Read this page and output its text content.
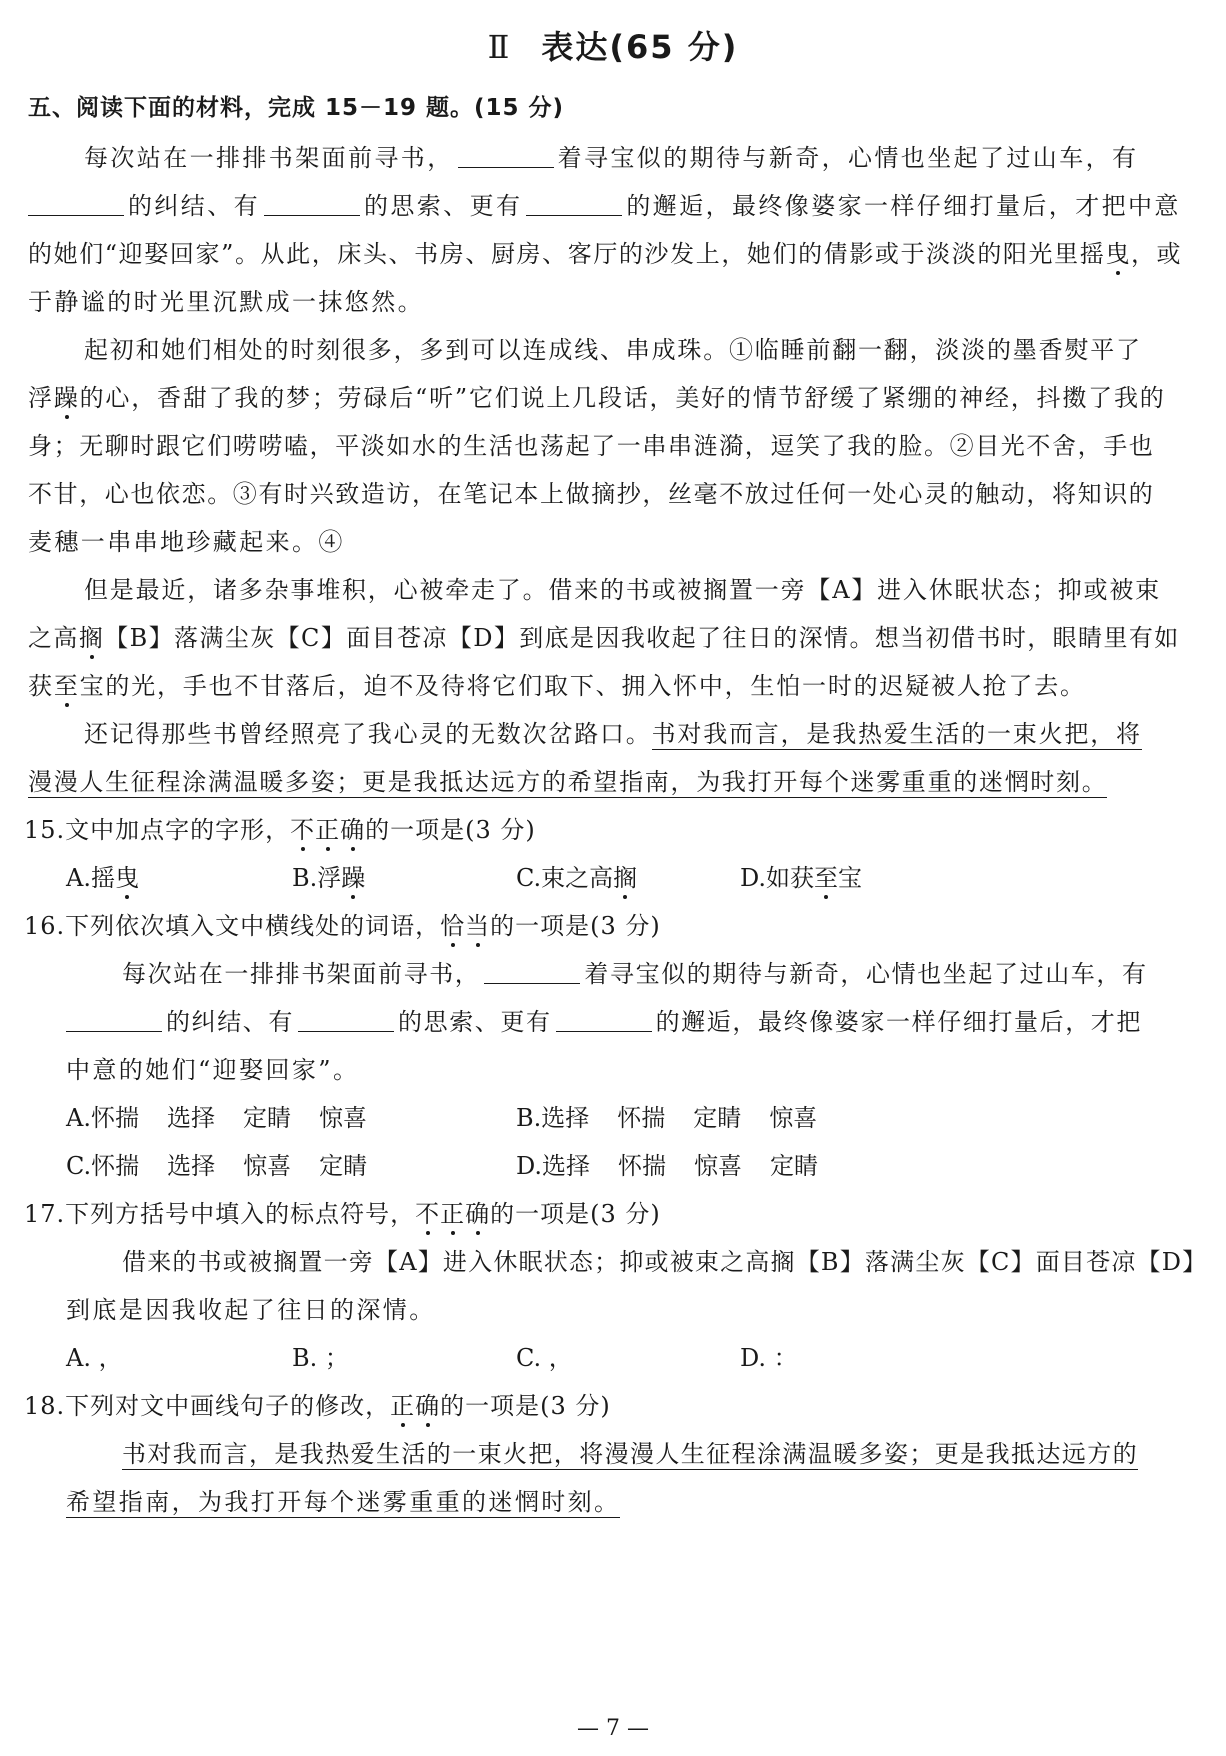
Ⅱ 表达(65 分)
五、阅读下面的材料，完成 15－19 题。(15 分)
每次站在一排排书架面前寻书，	着寻宝似的期待与新奇，心情也坐起了过山车，有
的纠结、有	的思索、更有	的邂逅，最终像婆家一样仔细打量后，才把中意
的她们“迎娶回家”。从此，床头、书房、厨房、客厅的沙发上，她们的倩影或于淡淡的阳光里摇曳，或
于静谧的时光里沉默成一抹悠然。
起初和她们相处的时刻很多，多到可以连成线、串成珠。①临睡前翻一翻，淡淡的墨香熨平了
浮躁的心，香甜了我的梦；劳碌后“听”它们说上几段话，美好的情节舒缓了紧绷的神经，抖擞了我的
身；无聊时跟它们唠唠嗑，平淡如水的生活也荡起了一串串涟漪，逗笑了我的脸。②目光不舍，手也
不甘，心也依恋。③有时兴致造访，在笔记本上做摘抄，丝毫不放过任何一处心灵的触动，将知识的
麦穗一串串地珍藏起来。④
但是最近，诸多杂事堆积，心被牵走了。借来的书或被搁置一旁【A】进入休眠状态；抑或被束
之高搁【B】落满尘灰【C】面目苍凉【D】到底是因我收起了往日的深情。想当初借书时，眼睛里有如
获至宝的光，手也不甘落后，迫不及待将它们取下、拥入怀中，生怕一时的迟疑被人抢了去。
还记得那些书曾经照亮了我心灵的无数次岔路口。书对我而言，是我热爱生活的一束火把，将
漫漫人生征程涂满温暖多姿；更是我抵达远方的希望指南，为我打开每个迷雾重重的迷惘时刻。
15.文中加点字的字形，不正确的一项是(3 分)
A.摇曳	B.浮躁	C.束之高搁	D.如获至宝
16.下列依次填入文中横线处的词语，恰当的一项是(3 分)
每次站在一排排书架面前寻书，	着寻宝似的期待与新奇，心情也坐起了过山车，有
的纠结、有	的思索、更有	的邂逅，最终像婆家一样仔细打量后，才把
中意的她们“迎娶回家”。
A.怀揣 选择 定睛 惊喜	B.选择 怀揣 定睛 惊喜
C.怀揣 选择 惊喜 定睛	D.选择 怀揣 惊喜 定睛
17.下列方括号中填入的标点符号，不正确的一项是(3 分)
借来的书或被搁置一旁【A】进入休眠状态；抑或被束之高搁【B】落满尘灰【C】面目苍凉【D】
到底是因我收起了往日的深情。
A. ，	B. ；	C. ，	D. ：
18.下列对文中画线句子的修改，正确的一项是(3 分)
书对我而言，是我热爱生活的一束火把，将漫漫人生征程涂满温暖多姿；更是我抵达远方的
希望指南，为我打开每个迷雾重重的迷惘时刻。
— 7 —
